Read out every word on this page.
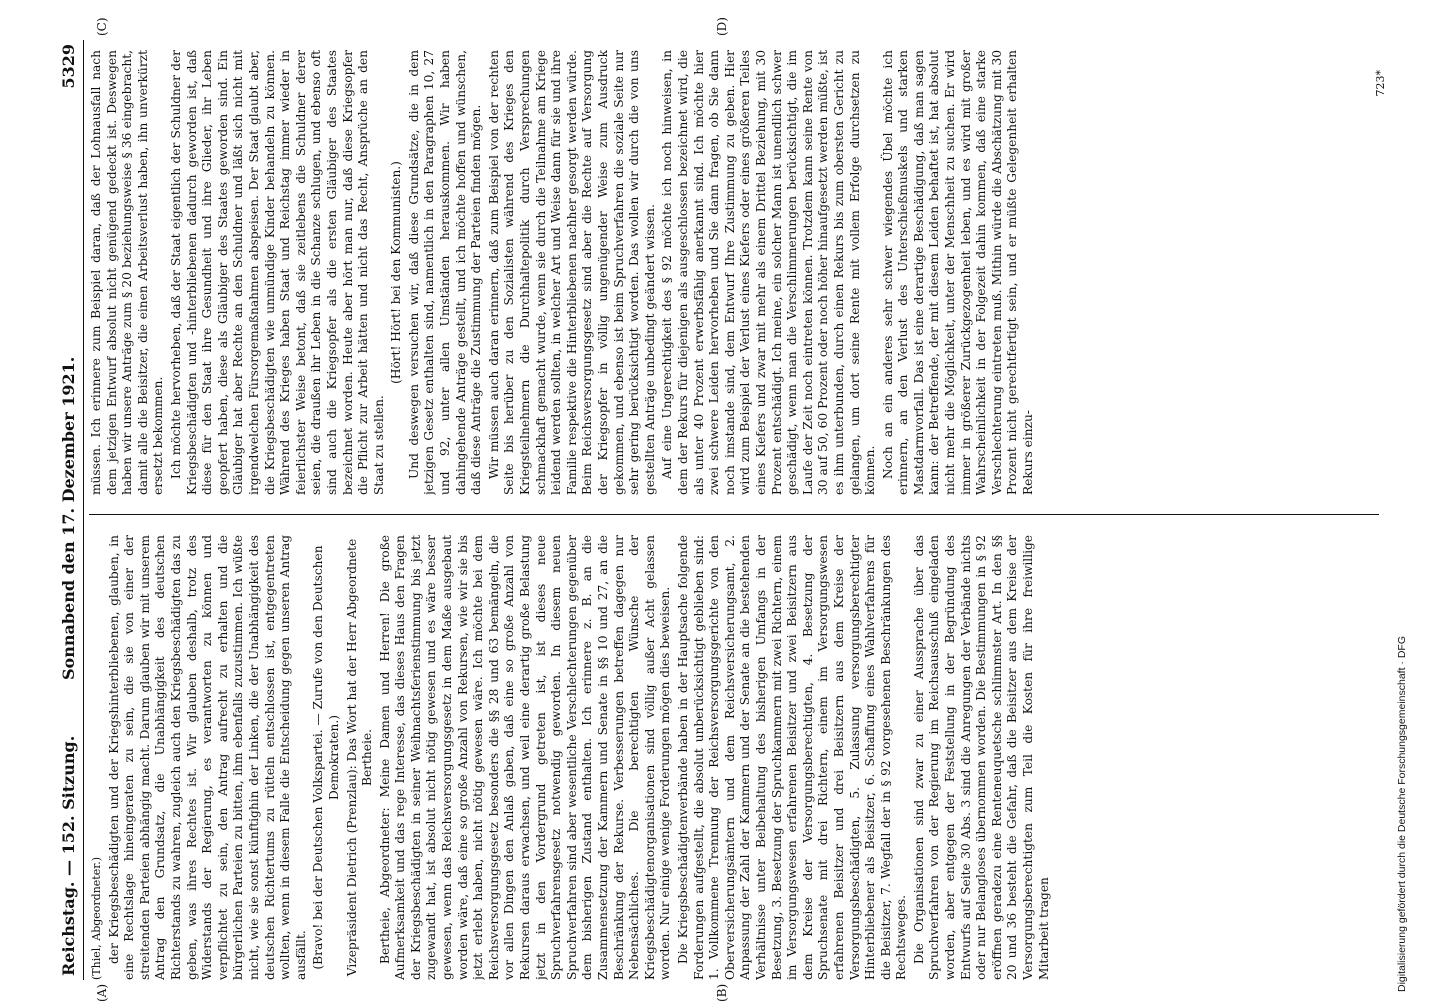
Reichstag. — 152. Sitzung.
Sonnabend den 17. Dezember 1921.
5329
(A)	(B)
(C)	(D)

(Thiel, Abgeordneter.) der Kriegsbeschädigten und der Kriegshinterbliebenen, glauben, in eine Rechtslage hineingeraten zu sein, die sie von einer der streitenden Parteien abhängig macht. Darum glauben wir mit unserem Antrag den Grundsatz, die Unabhängigkeit des deutschen Richterstands zu wahren, zugleich auch den Kriegsbeschädigten das zu geben, was ihres Rechtes ist. Wir glauben deshalb, trotz des Widerstands der Regierung, es verantworten zu können und verpflichtet zu sein, den Antrag aufrecht zu erhalten und die bürgerlichen Parteien zu bitten, ihm ebenfalls zuzustimmen. Ich wüßte nicht, wie sie sonst künftighin der Linken, die der Unabhängigkeit des deutschen Richtertums zu rütteln entschlossen ist, entgegentreten wollten, wenn in diesem Falle die Entscheidung gegen unseren Antrag ausfällt. (Bravo! bei der Deutschen Volkspartei. — Zurufe von den Deutschen Demokraten.) Vizepräsident Dietrich (Prenzlau): Das Wort hat der Herr Abgeordnete Bertheie. Bertheie, Abgeordneter: Meine Damen und Herren! Die große Aufmerksamkeit und das rege Interesse, das dieses Haus den Fragen der Kriegsbeschädigten in seiner Weihnachtsferienstimmung bis jetzt zugewandt hat, ist absolut nicht nötig gewesen und es wäre besser gewesen, wenn das Reichsversorgungsgesetz in dem Maße ausgebaut worden wäre, daß eine so große Anzahl von Rekursen, wie wir sie bis jetzt erlebt haben, nicht nötig gewesen wäre. Ich möchte bei dem Reichsversorgungsgesetz besonders die §§ 28 und 63 bemängeln, die vor allen Dingen den Anlaß gaben, daß eine so große Anzahl von Rekursen daraus erwachsen, und weil eine derartig große Belastung jetzt in den Vordergrund getreten ist, ist dieses neue Spruchverfahrensgesetz notwendig geworden. In diesem neuen Spruchverfahren sind aber wesentliche Verschlechterungen gegenüber dem bisherigen Zustand enthalten. Ich erinnere z. B. an die Zusammensetzung der Kammern und Senate in §§ 10 und 27, an die Beschränkung der Rekurse. Verbesserungen betreffen dagegen nur Nebensächliches. Die berechtigten Wünsche der Kriegsbeschädigtenorganisationen sind völlig außer Acht gelassen worden. Nur einige wenige Forderungen mögen dies beweisen. Die Kriegsbeschädigtenverbände haben in der Hauptsache folgende Forderungen aufgestellt, die absolut unberücksichtigt geblieben sind: 1. Vollkommene Trennung der Reichsversorgungsgerichte von den Oberversicherungsämtern und dem Reichsversicherungsamt, 2. Anpassung der Zahl der Kammern und der Senate an die bestehenden Verhältnisse unter Beibehaltung des bisherigen Umfangs in der Besetzung, 3. Besetzung der Spruchkammern mit zwei Richtern, einem im Versorgungswesen erfahrenen Beisitzer und zwei Beisitzern aus dem Kreise der Versorgungsberechtigten, 4. Besetzung der Spruchsenate mit drei Richtern, einem im Versorgungswesen erfahrenen Beisitzer und drei Beisitzern aus dem Kreise der Versorgungsbeschädigten, 5. Zulassung versorgungsberechtigter Hinterbliebener als Beisitzer, 6. Schaffung eines Wahlverfahrens für die Beisitzer, 7. Wegfall der in § 92 vorgesehenen Beschränkungen des Rechtsweges. Die Organisationen sind zwar zu einer Aussprache über das Spruchverfahren von der Regierung im Reichsausschuß eingeladen worden, aber entgegen der Feststellung in der Begründung des Entwurfs auf Seite 30 Abs. 3 sind die Anregungen der Verbände nichts oder nur Belangloses übernommen worden. Die Bestimmungen in § 92 eröffnen geradezu eine Renteneuquetsche schlimmster Art. In den §§ 20 und 36 besteht die Gefahr, daß die Beisitzer aus dem Kreise der Versorgungsberechtigten zum Teil die Kosten für ihre freiwillige Mitarbeit tragen

müssen. Ich erinnere zum Beispiel daran, daß der Lohnausfall nach dem jetzigen Entwurf absolut nicht genügend gedeckt ist. Deswegen haben wir unsere Anträge zum § 20 beziehungsweise § 36 eingebracht, damit alle die Beisitzer, die einen Arbeitsverlust haben, ihn unverkürzt ersetzt bekommen. Ich möchte hervorheben, daß der Staat eigentlich der Schuldner der Kriegsbeschädigten und -hinterbliebenen dadurch geworden ist, daß diese für den Staat ihre Gesundheit und ihre Glieder, ihr Leben geopfert haben, diese als Gläubiger des Staates geworden sind. Ein Gläubiger hat aber Rechte an den Schuldner und läßt sich nicht mit irgendwelchen Fürsorgemaßnahmen abspeisen. Der Staat glaubt aber, die Kriegsbeschädigten wie unmündige Kinder behandeln zu können. Während des Krieges haben Staat und Reichstag immer wieder in feierlichster Weise betont, daß sie zeitlebens die Schuldner derer seien, die draußen ihr Leben in die Schanze schlugen, und ebenso oft sind auch die Kriegsopfer als die ersten Gläubiger des Staates bezeichnet worden. Heute aber hört man nur, daß diese Kriegsopfer die Pflicht zur Arbeit hätten und nicht das Recht, Ansprüche an den Staat zu stellen.

(Hört! Hört! bei den Kommunisten.) Und deswegen versuchen wir, daß diese Grundsätze, die in dem jetzigen Gesetz enthalten sind, namentlich in den Paragraphen 10, 27 und 92, unter allen Umständen herauskommen. Wir haben dahingehende Anträge gestellt, und ich möchte hoffen und wünschen, daß diese Anträge die Zustimmung der Parteien finden mögen. Wir müssen auch daran erinnern, daß zum Beispiel von der rechten Seite bis herüber zu den Sozialisten während des Krieges den Kriegsteilnehmern die Durchhaltepolitik durch Versprechungen schmackhaft gemacht wurde, wenn sie durch die Teilnahme am Kriege leidend werden sollten, in welcher Art und Weise dann für sie und ihre Familie respektive die Hinterbliebenen nachher gesorgt werden würde. Beim Reichsversorgungsgesetz sind aber die Rechte auf Versorgung der Kriegsopfer in völlig ungenügender Weise zum Ausdruck gekommen, und ebenso ist beim Spruchverfahren die soziale Seite nur sehr gering berücksichtigt worden. Das wollen wir durch die von uns gestellten Anträge unbedingt geändert wissen. Auf eine Ungerechtigkeit des § 92 möchte ich noch hinweisen, in dem der Rekurs für diejenigen als ausgeschlossen bezeichnet wird, die als unter 40 Prozent erwerbsfähig anerkannt sind. Ich möchte hier zwei schwere Leiden hervorheben und Sie dann fragen, ob Sie dann noch imstande sind, dem Entwurf Ihre Zustimmung zu geben. Hier wird zum Beispiel der Verlust eines Kiefers oder eines größeren Teiles eines Kiefers und zwar mit mehr als einem Drittel Beziehung, mit 30 Prozent entschädigt. Ich meine, ein solcher Mann ist unendlich schwer geschädigt, wenn man die Verschlimmerungen berücksichtigt, die im Laufe der Zeit noch eintreten können. Trotzdem kann seine Rente von 30 auf 50, 60 Prozent oder noch höher hinaufgesetzt werden müßte, ist es ihm unterbunden, durch einen Rekurs bis zum obersten Gericht zu gelangen, um dort seine Rente mit vollem Erfolge durchsetzen zu können. Noch an ein anderes sehr schwer wiegendes Übel möchte ich erinnern, an den Verlust des Unterschießmuskels und starken Mastdarmvorfall. Das ist eine derartige Beschädigung, daß man sagen kann: der Betreffende, der mit diesem Leiden behaftet ist, hat absolut nicht mehr die Möglichkeit, unter der Menschheit zu suchen. Er wird immer in größerer Zurückgezogenheit leben, und es wird mit großer Wahrscheinlichkeit in der Folgezeit dahin kommen, daß eine starke Verschlechterung eintreten muß. Mithin würde die Abschätzung mit 30 Prozent nicht gerechtfertigt sein, und er müßte Gelegenheit erhalten Rekurs einzu-

723*
Digitalisierung gefördert durch die Deutsche Forschungsgemeinschaft · DFG
